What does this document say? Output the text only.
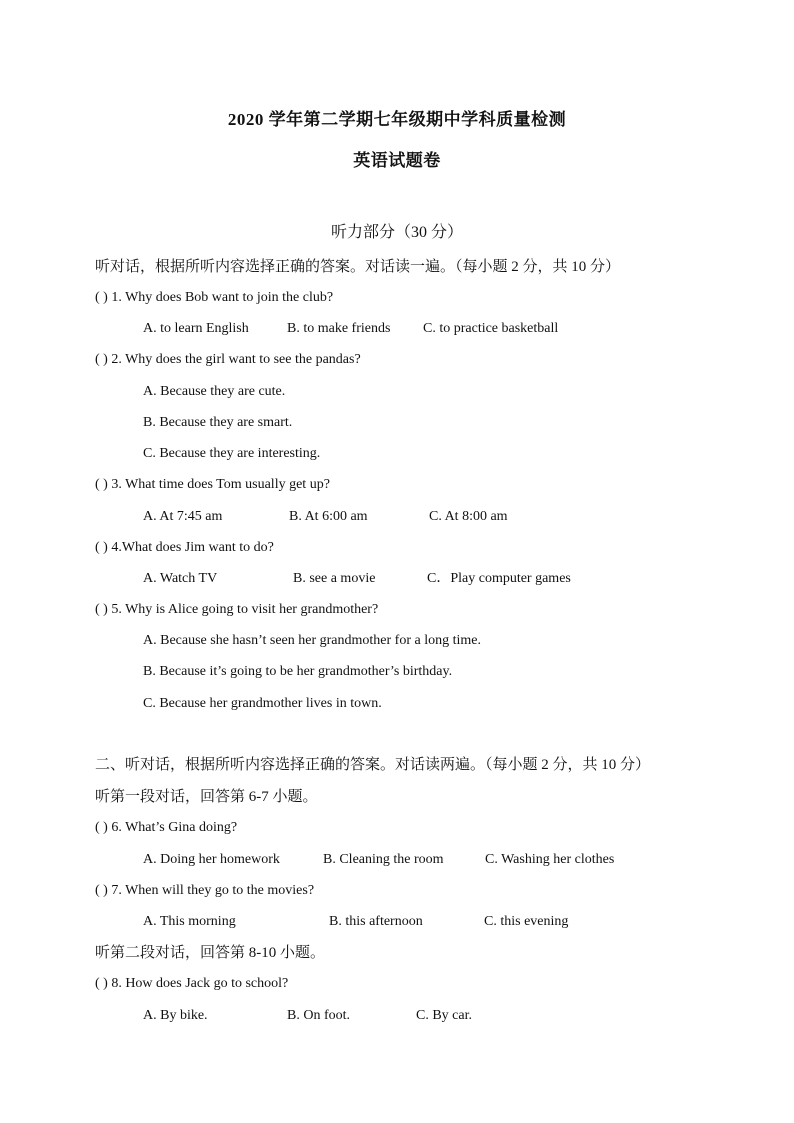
2020 学年第二学期七年级期中学科质量检测
英语试题卷
听力部分（30 分）
听对话，根据所听内容选择正确的答案。对话读一遍。（每小题 2 分，共 10 分）
( ) 1. Why does Bob want to join the club?
A. to learn English	B. to make friends C. to practice basketball
( ) 2. Why does the girl want to see the pandas?
A. Because they are cute.
B. Because they are smart.
C. Because they are interesting.
( ) 3. What time does Tom usually get up?
A. At 7:45 am	B. At 6:00 am	C. At 8:00 am
( ) 4.What does Jim want to do?
A. Watch TV	B. see a movie	C．Play computer games
( ) 5. Why is Alice going to visit her grandmother?
A. Because she hasn’t seen her grandmother for a long time.
B. Because it’s going to be her grandmother’s birthday.
C. Because her grandmother lives in town.
二、听对话，根据所听内容选择正确的答案。对话读两遍。（每小题 2 分，共 10 分）
听第一段对话，回答第 6-7 小题。
( ) 6. What’s Gina doing?
A. Doing her homework	B. Cleaning the room	C. Washing her clothes
( ) 7. When will they go to the movies?
A. This morning	B. this afternoon	C. this evening
听第二段对话，回答第 8-10 小题。
( ) 8. How does Jack go to school?
A. By bike.	B. On foot.	C. By car.
